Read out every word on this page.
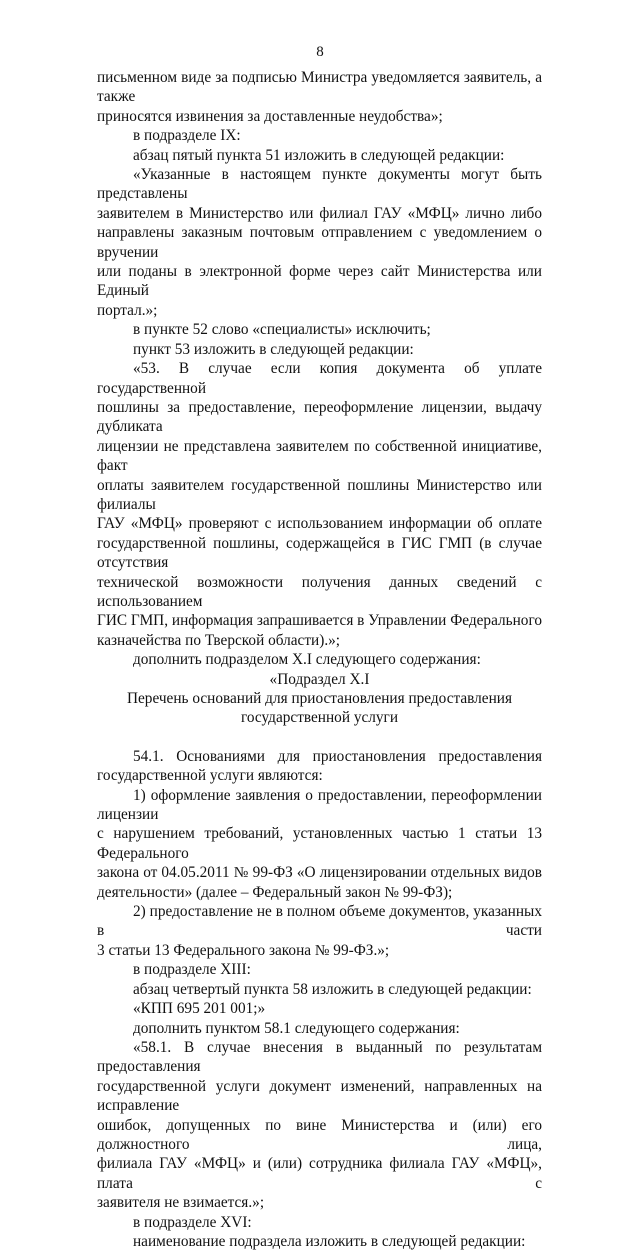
8

письменном виде за подписью Министра уведомляется заявитель, а также

приносятся извинения за доставленные неудобства»;

в подразделе IX:

абзац пятый пункта 51 изложить в следующей редакции:

«Указанные в настоящем пункте документы могут быть представлены

заявителем в Министерство или филиал ГАУ «МФЦ» лично либо

направлены заказным почтовым отправлением с уведомлением о вручении

или поданы в электронной форме через сайт Министерства или Единый

портал.»;

в пункте 52 слово «специалисты» исключить;

пункт 53 изложить в следующей редакции:

«53. В случае если копия документа об уплате государственной

пошлины за предоставление, переоформление лицензии, выдачу дубликата

лицензии не представлена заявителем по собственной инициативе, факт

оплаты заявителем государственной пошлины Министерство или филиалы

ГАУ «МФЦ» проверяют с использованием информации об оплате

государственной пошлины, содержащейся в ГИС ГМП (в случае отсутствия

технической возможности получения данных сведений с использованием

ГИС ГМП, информация запрашивается в Управлении Федерального

казначейства по Тверской области).»;

дополнить подразделом X.I следующего содержания:

«Подраздел X.I

Перечень оснований для приостановления предоставления

государственной услуги

54.1. Основаниями для приостановления предоставления

государственной услуги являются:

1) оформление заявления о предоставлении, переоформлении лицензии

с нарушением требований, установленных частью 1 статьи 13 Федерального

закона от 04.05.2011 № 99-ФЗ «О лицензировании отдельных видов

деятельности» (далее – Федеральный закон № 99-ФЗ);

2) предоставление не в полном объеме документов, указанных в части

3 статьи 13 Федерального закона № 99-ФЗ.»;

в подразделе XIII:

абзац четвертый пункта 58 изложить в следующей редакции:

«КПП 695 201 001;»

дополнить пунктом 58.1 следующего содержания:

«58.1. В случае внесения в выданный по результатам предоставления

государственной услуги документ изменений, направленных на исправление

ошибок, допущенных по вине Министерства и (или) его должностного лица,

филиала ГАУ «МФЦ» и (или) сотрудника филиала ГАУ «МФЦ», плата с

заявителя не взимается.»;

в подразделе XVI:

наименование подраздела изложить в следующей редакции:
